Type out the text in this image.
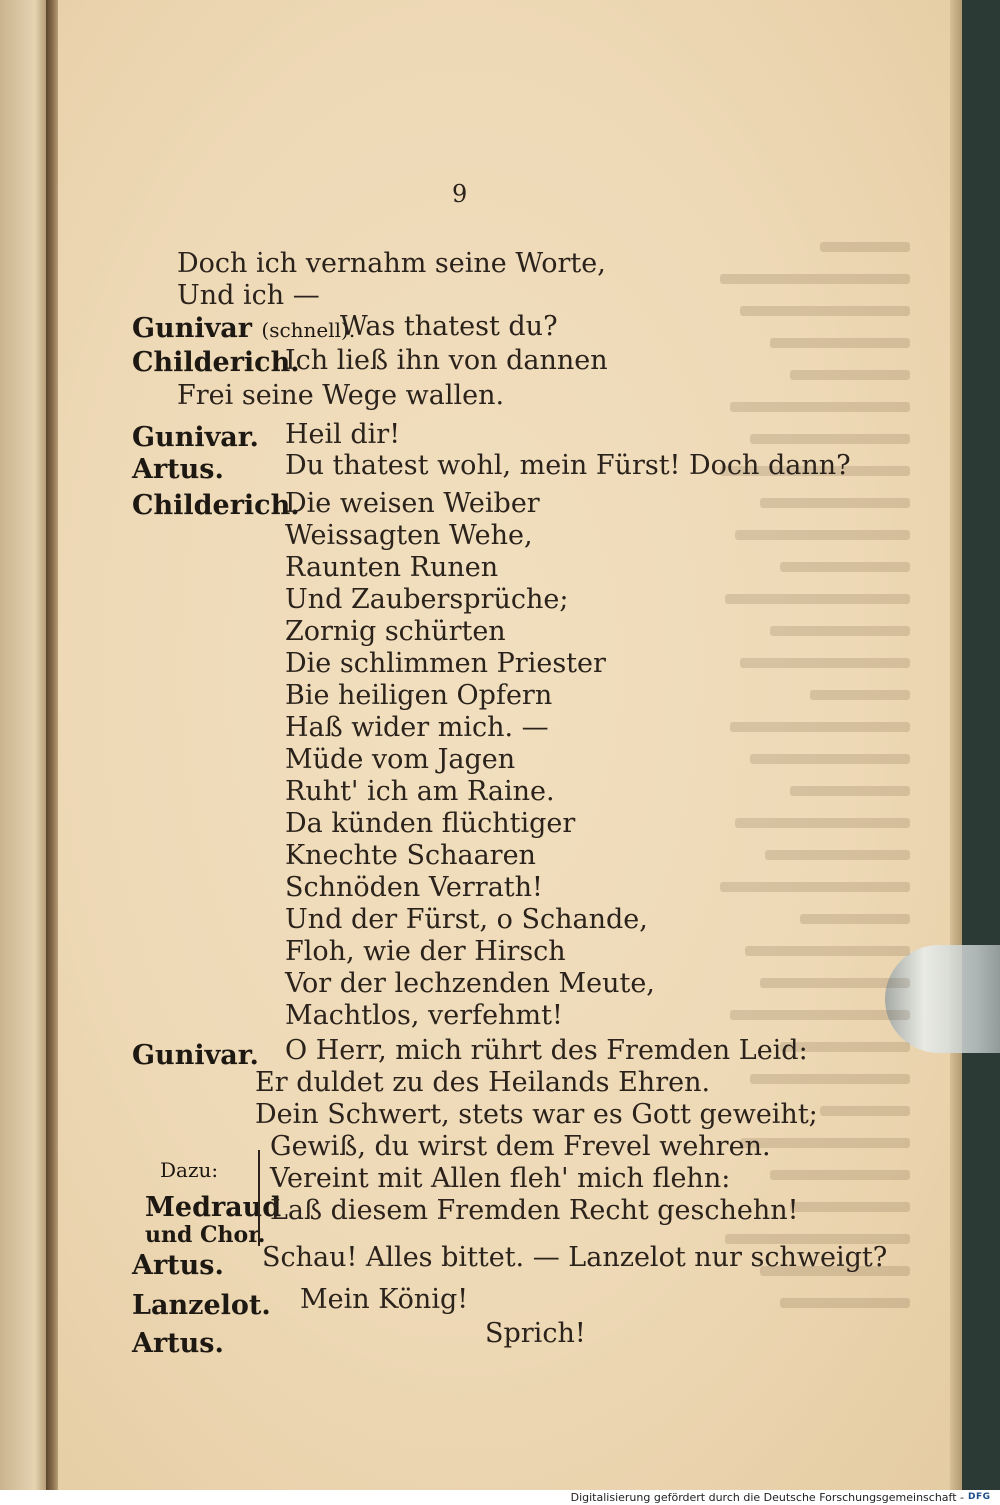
9
Doch ich vernahm seine Worte,
Und ich —
Gunivar (schnell).
Was thatest du?
Childerich.
Ich ließ ihn von dannen
Frei seine Wege wallen.
Gunivar. Heil dir!
Artus. Du thatest wohl, mein Fürst! Doch dann?
Childerich.
Die weisen Weiber
Weissagten Wehe,
Raunten Runen
Und Zaubersprüche;
Zornig schürten
Die schlimmen Priester
Bie heiligen Opfern
Haß wider mich. —
Müde vom Jagen
Ruht' ich am Raine.
Da künden flüchtiger
Knechte Schaaren
Schnöden Verrath!
Und der Fürst, o Schande,
Floh, wie der Hirsch
Vor der lechzenden Meute,
Machtlos, verfehmt!
Gunivar. O Herr, mich rührt des Fremden Leid:
Er duldet zu des Heilands Ehren.
Dein Schwert, stets war es Gott geweiht;
Gewiß, du wirst dem Frevel wehren.
Dazu: Vereint mit Allen fleh' mich flehn:
Medraud
Laß diesem Fremden Recht geschehn!
und Chor.
Artus. Schau! Alles bittet. — Lanzelot nur schweigt?
Lanzelot. Mein König!
Artus.	Sprich!
Digitalisierung gefördert durch die Deutsche Forschungsgemeinschaft - DFG
